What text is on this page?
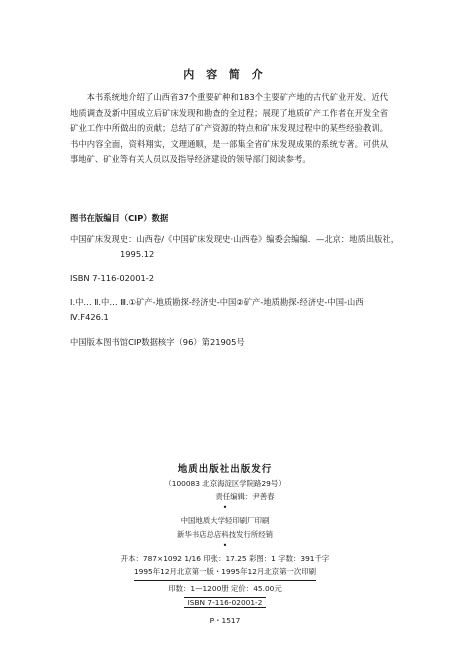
内 容 简 介

本书系统地介绍了山西省37个重要矿种和183个主要矿产地的古代矿业开发、近代地质调查及新中国成立后矿床发现和勘查的全过程；展现了地质矿产工作者在开发全省矿业工作中所做出的贡献；总结了矿产资源的特点和矿床发现过程中的某些经验教训。书中内容全面，资料翔实，文理通顺，是一部集全省矿床发现成果的系统专著。可供从事地矿、矿业等有关人员以及指导经济建设的领导部门阅读参考。

图书在版编目（CIP）数据
中国矿床发现史：山西卷/《中国矿床发现史·山西卷》编委会编编．—北京：地质出版社，
1995.12
ISBN 7-116-02001-2
Ⅰ.中… Ⅱ.中… Ⅲ.①矿产-地质勘探-经济史-中国②矿产-地质勘探-经济史-中国-山西
Ⅳ.F426.1
中国版本图书馆CIP数据核字（96）第21905号
地质出版社出版发行
（100083 北京海淀区学院路29号）
责任编辑：尹善春
•
中国地质大学轻印刷厂印刷
新华书店总店科技发行所经销
•
开本：787×1092 1/16 印张：17.25 彩图：1 字数：391千字
1995年12月北京第一版・1995年12月北京第一次印刷
印数：1—1200册 定价：45.00元
ISBN 7-116-02001-2
P・1517
